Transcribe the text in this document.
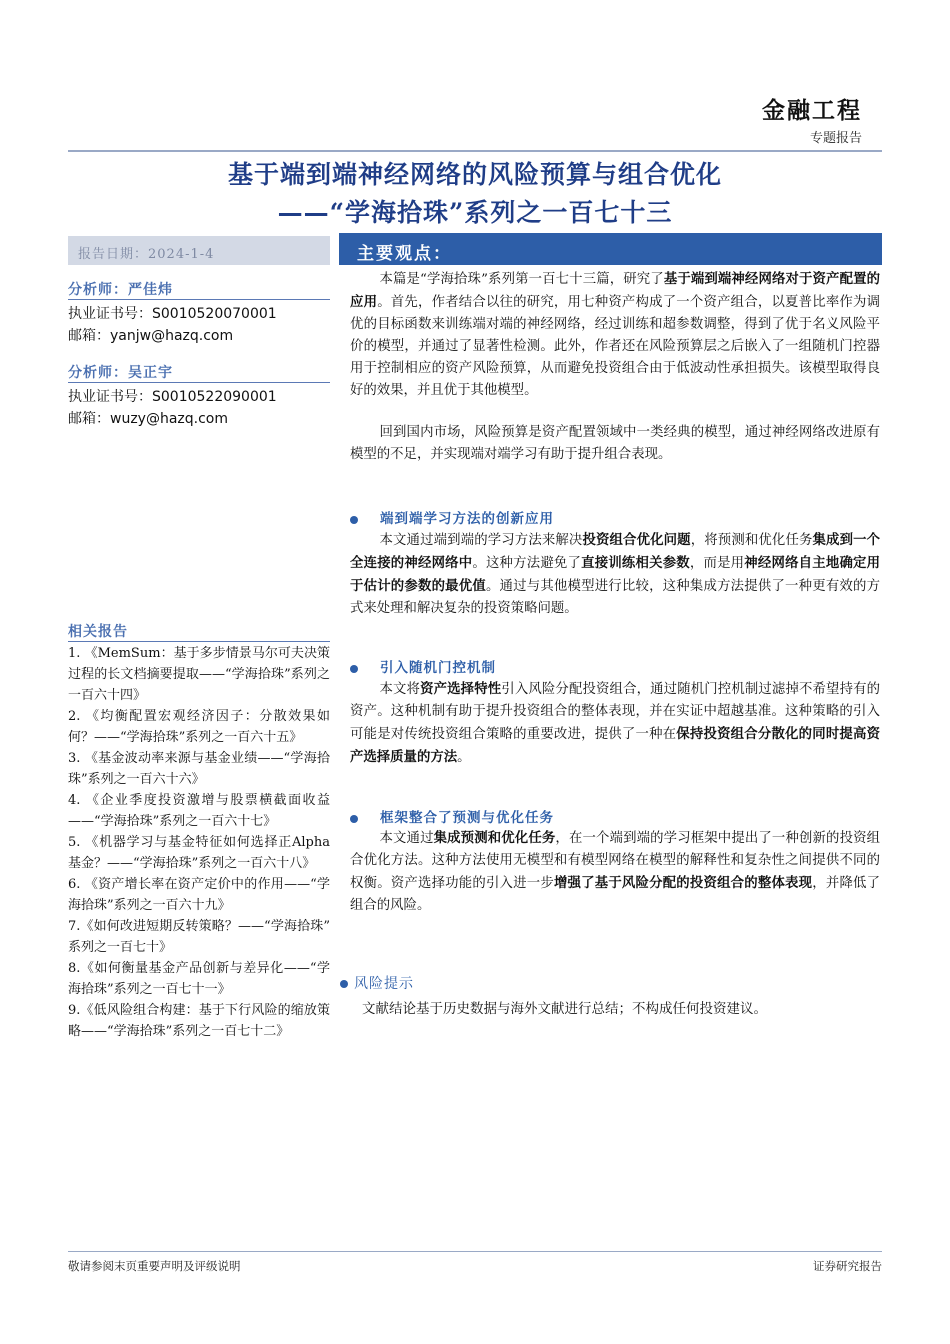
金融工程
专题报告
基于端到端神经网络的风险预算与组合优化
——“学海拾珠”系列之一百七十三
报告日期：2024-1-4	主要观点：
分析师：严佳炜
执业证书号：S0010520070001
邮箱：yanjw@hazq.com
分析师：吴正宇
执业证书号：S0010522090001
邮箱：wuzy@hazq.com
相关报告
1. 《MemSum：基于多步情景马尔可夫决策过程的长文档摘要提取——“学海拾珠”系列之一百六十四》
2. 《均衡配置宏观经济因子：分散效果如何？——“学海拾珠”系列之一百六十五》
3. 《基金波动率来源与基金业绩——“学海拾珠”系列之一百六十六》
4. 《企业季度投资激增与股票横截面收益——“学海拾珠”系列之一百六十七》
5. 《机器学习与基金特征如何选择正Alpha 基金？——“学海拾珠”系列之一百六十八》
6. 《资产增长率在资产定价中的作用——“学海拾珠”系列之一百六十九》
7.《如何改进短期反转策略？——“学海拾珠” 系列之一百七十》
8.《如何衡量基金产品创新与差异化——“学海拾珠”系列之一百七十一》
9.《低风险组合构建：基于下行风险的缩放策略——“学海拾珠”系列之一百七十二》

本篇是“学海拾珠”系列第一百七十三篇，研究了基于端到端神经网络对于资产配置的应用。首先，作者结合以往的研究，用七种资产构成了一个资产组合，以夏普比率作为调优的目标函数来训练端对端的神经网络，经过训练和超参数调整，得到了优于名义风险平价的模型，并通过了显著性检测。此外，作者还在风险预算层之后嵌入了一组随机门控器用于控制相应的资产风险预算，从而避免投资组合由于低波动性承担损失。该模型取得良好的效果，并且优于其他模型。

回到国内市场，风险预算是资产配置领域中一类经典的模型，通过神经网络改进原有模型的不足，并实现端对端学习有助于提升组合表现。

端到端学习方法的创新应用

本文通过端到端的学习方法来解决投资组合优化问题，将预测和优化任务集成到一个全连接的神经网络中。这种方法避免了直接训练相关参数，而是用神经网络自主地确定用于估计的参数的最优值。通过与其他模型进行比较，这种集成方法提供了一种更有效的方式来处理和解决复杂的投资策略问题。

引入随机门控机制

本文将资产选择特性引入风险分配投资组合，通过随机门控机制过滤掉不希望持有的资产。这种机制有助于提升投资组合的整体表现，并在实证中超越基准。这种策略的引入可能是对传统投资组合策略的重要改进，提供了一种在保持投资组合分散化的同时提高资产选择质量的方法。

框架整合了预测与优化任务

本文通过集成预测和优化任务，在一个端到端的学习框架中提出了一种创新的投资组合优化方法。这种方法使用无模型和有模型网络在模型的解释性和复杂性之间提供不同的权衡。资产选择功能的引入进一步增强了基于风险分配的投资组合的整体表现，并降低了组合的风险。

风险提示
文献结论基于历史数据与海外文献进行总结；不构成任何投资建议。
敬请参阅末页重要声明及评级说明	证券研究报告
